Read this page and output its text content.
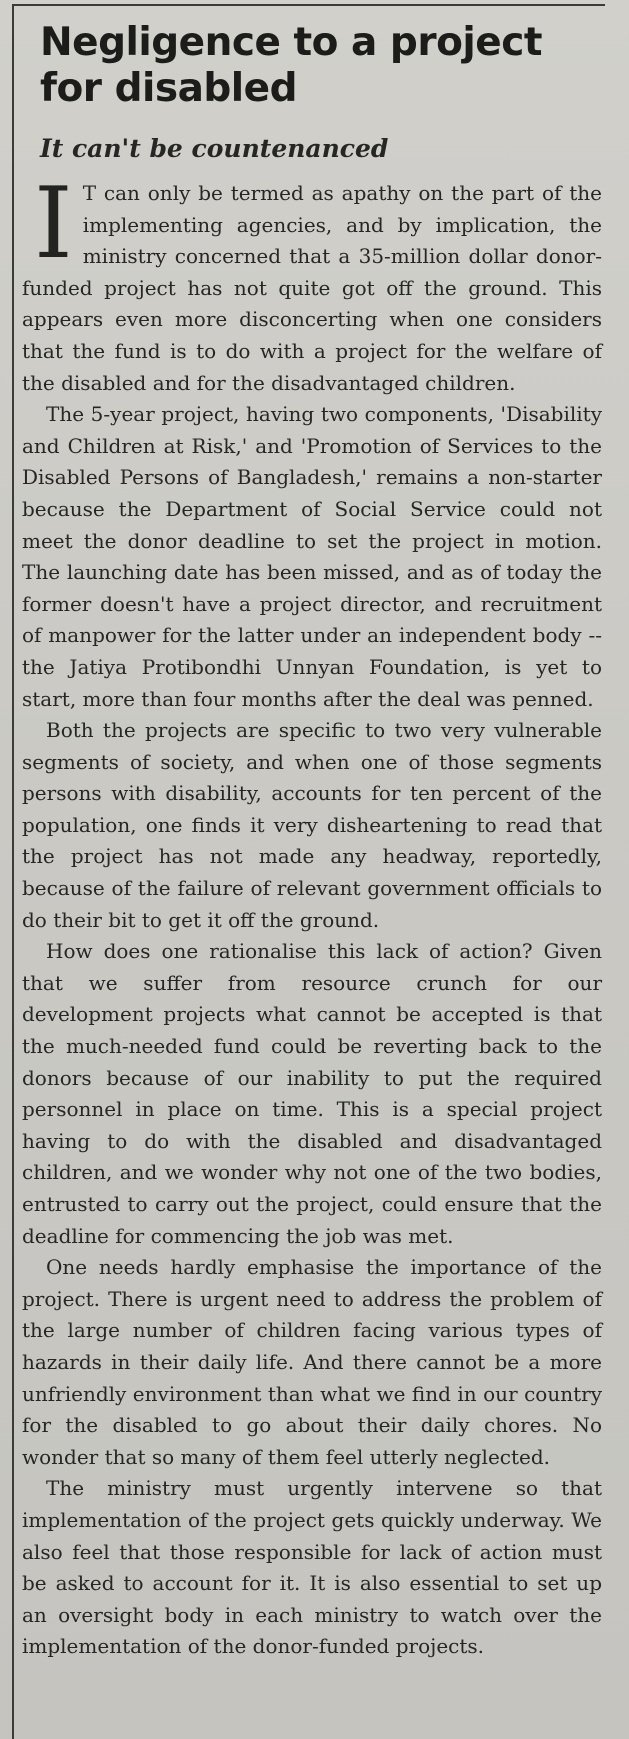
Negligence to a project for disabled
It can't be countenanced

I T can only be termed as apathy on the part of the implementing agencies, and by implication, the ministry concerned that a 35-million dollar donor-funded project has not quite got off the ground. This appears even more disconcerting when one considers that the fund is to do with a project for the welfare of the disabled and for the disadvantaged children.

The 5-year project, having two components, 'Disability and Children at Risk,' and 'Promotion of Services to the Disabled Persons of Bangladesh,' remains a non-starter because the Department of Social Service could not meet the donor deadline to set the project in motion. The launching date has been missed, and as of today the former doesn't have a project director, and recruitment of manpower for the latter under an independent body -- the Jatiya Protibondhi Unnyan Foundation, is yet to start, more than four months after the deal was penned.

Both the projects are specific to two very vulnerable segments of society, and when one of those segments persons with disability, accounts for ten percent of the population, one finds it very disheartening to read that the project has not made any headway, reportedly, because of the failure of relevant government officials to do their bit to get it off the ground.

How does one rationalise this lack of action? Given that we suffer from resource crunch for our development projects what cannot be accepted is that the much-needed fund could be reverting back to the donors because of our inability to put the required personnel in place on time. This is a special project having to do with the disabled and disadvantaged children, and we wonder why not one of the two bodies, entrusted to carry out the project, could ensure that the deadline for commencing the job was met.

One needs hardly emphasise the importance of the project. There is urgent need to address the problem of the large number of children facing various types of hazards in their daily life. And there cannot be a more unfriendly environment than what we find in our country for the disabled to go about their daily chores. No wonder that so many of them feel utterly neglected.

The ministry must urgently intervene so that implementation of the project gets quickly underway. We also feel that those responsible for lack of action must be asked to account for it. It is also essential to set up an oversight body in each ministry to watch over the implementation of the donor-funded projects.
